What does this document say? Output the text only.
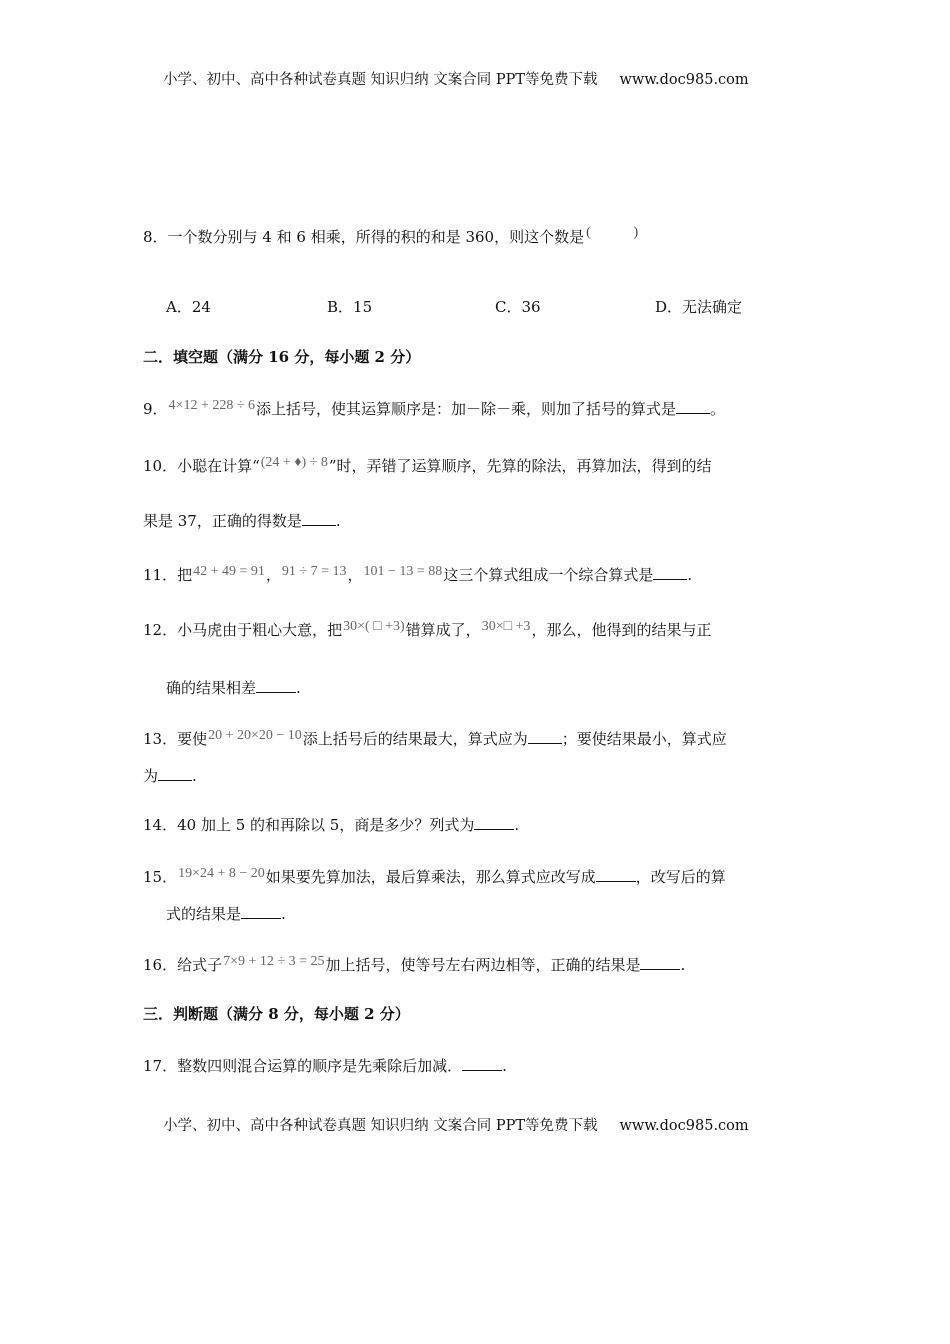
小学、初中、高中各种试卷真题 知识归纳 文案合同 PPT等免费下载 www.doc985.com
8．一个数分别与 4 和 6 相乘，所得的积的和是 360，则这个数是 (	)
A．24	B．15	C．36	D．无法确定
二．填空题（满分 16 分，每小题 2 分）
9．4×12 + 228 ÷ 6添上括号，使其运算顺序是：加－除－乘，则加了括号的算式是 。
10．小聪在计算“(24 + ♦) ÷ 8”时，弄错了运算顺序，先算的除法，再算加法，得到的结
果是 37，正确的得数是 .
11．把42 + 49 = 91，91 ÷ 7 = 13，101 − 13 = 88这三个算式组成一个综合算式是 .
12．小马虎由于粗心大意，把30×( □ +3)错算成了，30×□ +3，那么，他得到的结果与正
确的结果相差	.
13．要使20 + 20×20 − 10添上括号后的结果最大，算式应为 ；要使结果最小，算式应
为 .
14．40 加上 5 的和再除以 5，商是多少？列式为	.
15．19×24 + 8 − 20如果要先算加法，最后算乘法，那么算式应改写成	，改写后的算
式的结果是	.
16．给式子7×9 + 12 ÷ 3 = 25加上括号，使等号左右两边相等，正确的结果是	.
三．判断题（满分 8 分，每小题 2 分）
17．整数四则混合运算的顺序是先乘除后加减．	.
小学、初中、高中各种试卷真题 知识归纳 文案合同 PPT等免费下载 www.doc985.com
